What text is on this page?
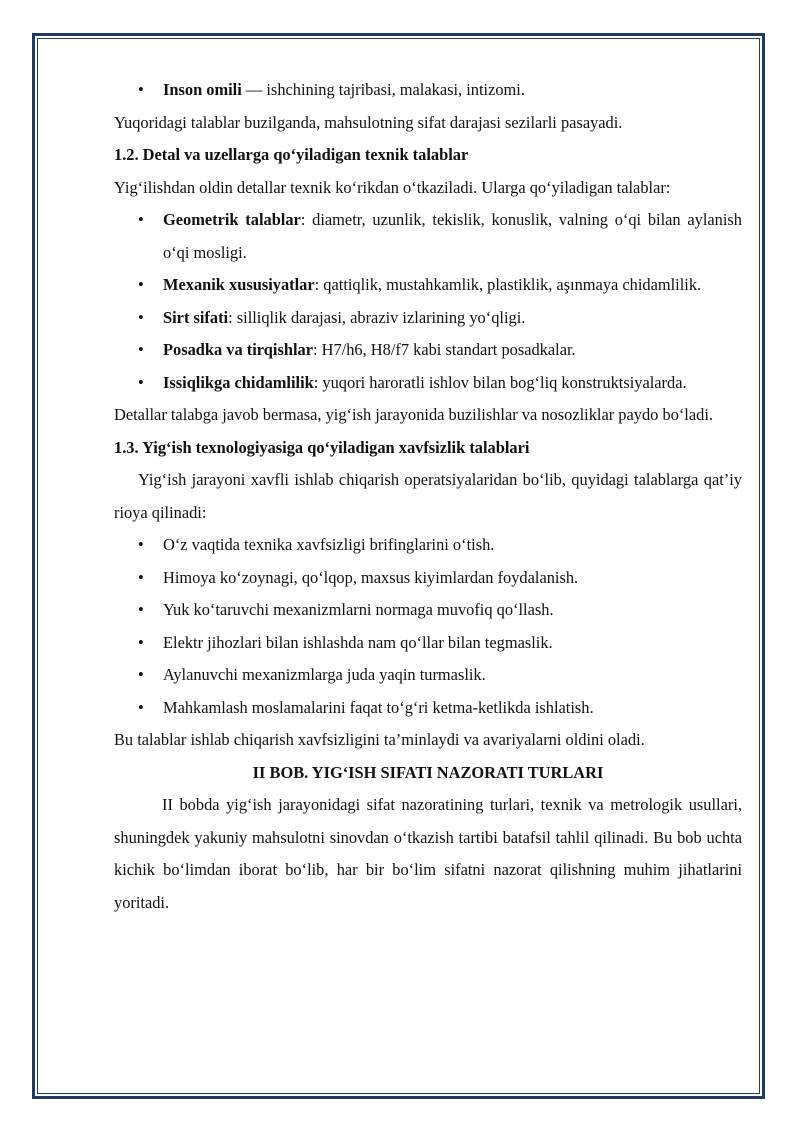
• Inson omili — ishchining tajribasi, malakasi, intizomi.

Yuqoridagi talablar buzilganda, mahsulotning sifat darajasi sezilarli pasayadi.

1.2. Detal va uzellarga qo‘yiladigan texnik talablar

Yig‘ilishdan oldin detallar texnik ko‘rikdan o‘tkaziladi. Ularga qo‘yiladigan talablar:

• Geometrik talablar: diametr, uzunlik, tekislik, konuslik, valning o‘qi bilan aylanish o‘qi mosligi.
• Mexanik xususiyatlar: qattiqlik, mustahkamlik, plastiklik, aşınmaya chidamlilik.
• Sirt sifati: silliqlik darajasi, abraziv izlarining yo‘qligi.
• Posadka va tirqishlar: H7/h6, H8/f7 kabi standart posadkalar.
• Issiqlikga chidamlilik: yuqori haroratli ishlov bilan bog‘liq konstruktsiyalarda.

Detallar talabga javob bermasa, yig‘ish jarayonida buzilishlar va nosozliklar paydo bo‘ladi.

1.3. Yig‘ish texnologiyasiga qo‘yiladigan xavfsizlik talablari

Yig‘ish jarayoni xavfli ishlab chiqarish operatsiyalaridan bo‘lib, quyidagi talablarga qat’iy rioya qilinadi:

• O‘z vaqtida texnika xavfsizligi brifinglarini o‘tish.
• Himoya ko‘zoynagi, qo‘lqop, maxsus kiyimlardan foydalanish.
• Yuk ko‘taruvchi mexanizmlarni normaga muvofiq qo‘llash.
• Elektr jihozlari bilan ishlashda nam qo‘llar bilan tegmaslik.
• Aylanuvchi mexanizmlarga juda yaqin turmaslik.
• Mahkamlash moslamalarini faqat to‘g‘ri ketma-ketlikda ishlatish.

Bu talablar ishlab chiqarish xavfsizligini ta’minlaydi va avariyalarni oldini oladi.

II BOB. YIG‘ISH SIFATI NAZORATI TURLARI

II bobda yig‘ish jarayonidagi sifat nazoratining turlari, texnik va metrologik usullari, shuningdek yakuniy mahsulotni sinovdan o‘tkazish tartibi batafsil tahlil qilinadi. Bu bob uchta kichik bo‘limdan iborat bo‘lib, har bir bo‘lim sifatni nazorat qilishning muhim jihatlarini yoritadi.
